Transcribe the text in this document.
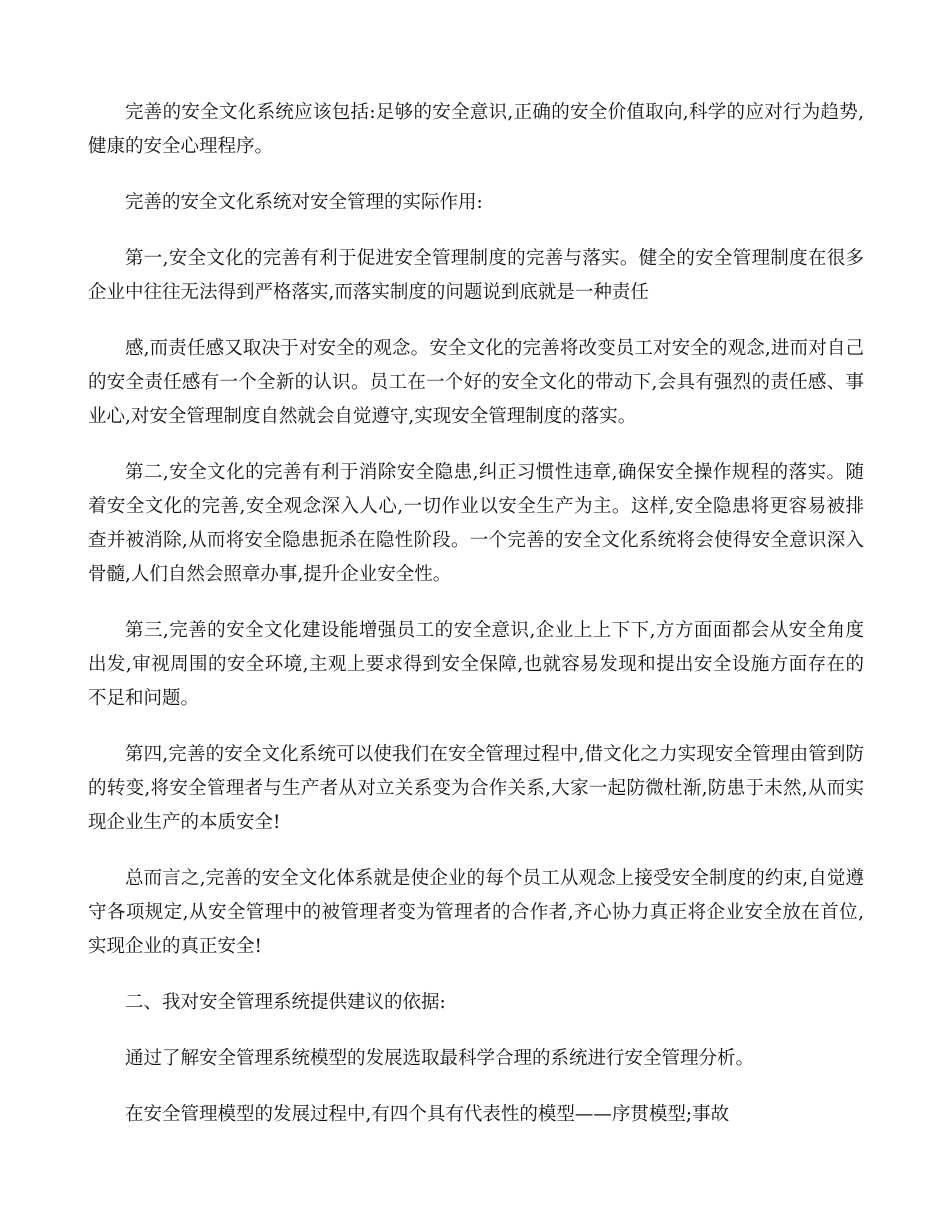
完善的安全文化系统应该包括:足够的安全意识,正确的安全价值取向,科学的应对行为趋势,健康的安全心理程序。

完善的安全文化系统对安全管理的实际作用:

第一,安全文化的完善有利于促进安全管理制度的完善与落实。健全的安全管理制度在很多企业中往往无法得到严格落实,而落实制度的问题说到底就是一种责任

感,而责任感又取决于对安全的观念。安全文化的完善将改变员工对安全的观念,进而对自己的安全责任感有一个全新的认识。员工在一个好的安全文化的带动下,会具有强烈的责任感、事业心,对安全管理制度自然就会自觉遵守,实现安全管理制度的落实。

第二,安全文化的完善有利于消除安全隐患,纠正习惯性违章,确保安全操作规程的落实。随着安全文化的完善,安全观念深入人心,一切作业以安全生产为主。这样,安全隐患将更容易被排查并被消除,从而将安全隐患扼杀在隐性阶段。一个完善的安全文化系统将会使得安全意识深入骨髓,人们自然会照章办事,提升企业安全性。

第三,完善的安全文化建设能增强员工的安全意识,企业上上下下,方方面面都会从安全角度出发,审视周围的安全环境,主观上要求得到安全保障,也就容易发现和提出安全设施方面存在的不足和问题。

第四,完善的安全文化系统可以使我们在安全管理过程中,借文化之力实现安全管理由管到防的转变,将安全管理者与生产者从对立关系变为合作关系,大家一起防微杜渐,防患于未然,从而实现企业生产的本质安全!

总而言之,完善的安全文化体系就是使企业的每个员工从观念上接受安全制度的约束,自觉遵守各项规定,从安全管理中的被管理者变为管理者的合作者,齐心协力真正将企业安全放在首位,实现企业的真正安全!

二、我对安全管理系统提供建议的依据:

通过了解安全管理系统模型的发展选取最科学合理的系统进行安全管理分析。

在安全管理模型的发展过程中,有四个具有代表性的模型——序贯模型;事故
